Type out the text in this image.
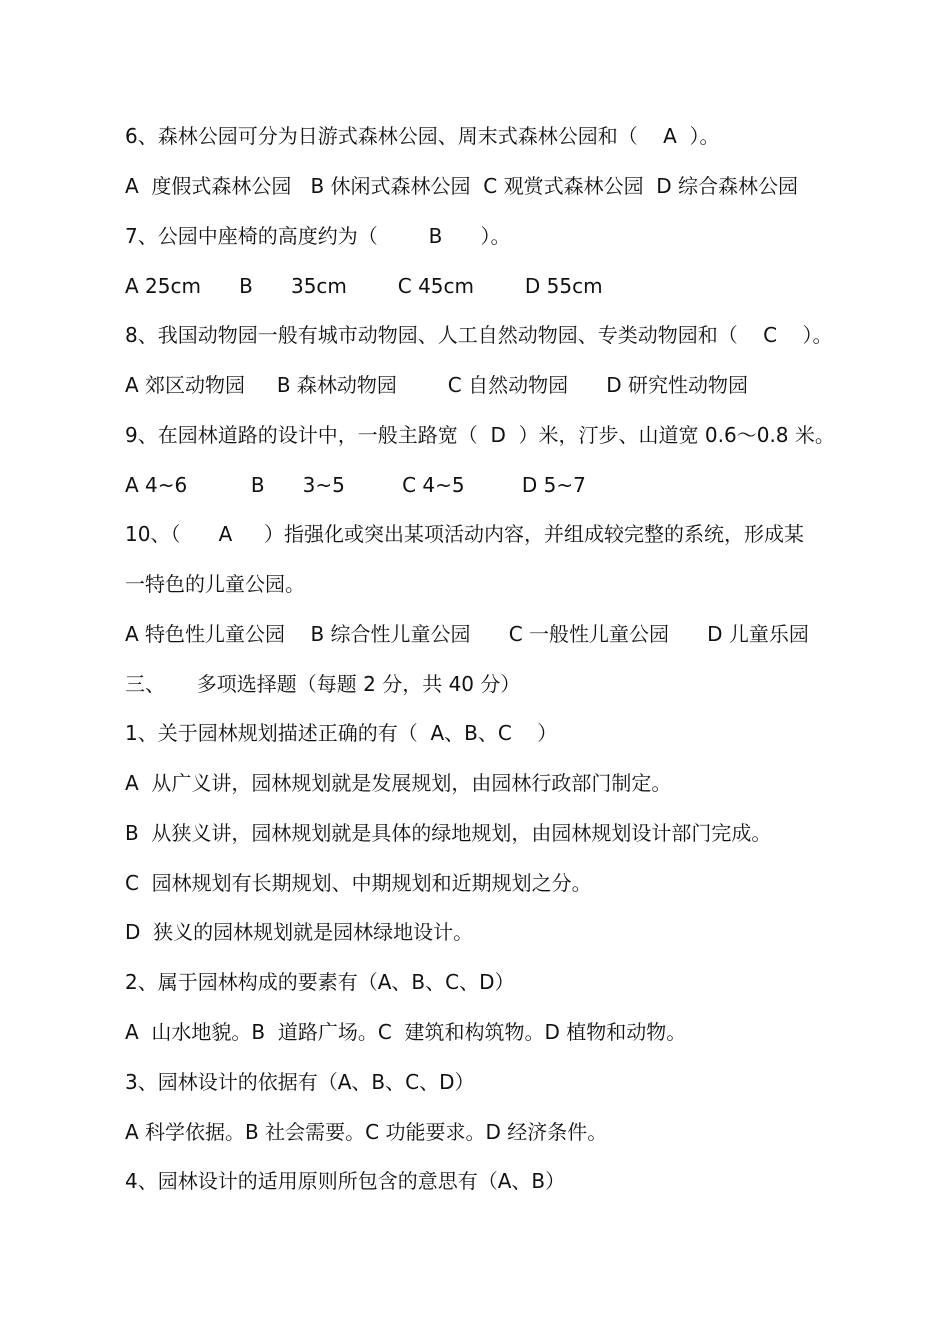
6、森林公园可分为日游式森林公园、周末式森林公园和（    A  ）。
A  度假式森林公园   B 休闲式森林公园  C 观赏式森林公园  D 综合森林公园
7、公园中座椅的高度约为（        B      ）。
A 25cm      B      35cm        C 45cm        D 55cm
8、我国动物园一般有城市动物园、人工自然动物园、专类动物园和（    C    ）。
A 郊区动物园     B 森林动物园        C 自然动物园      D 研究性动物园
9、在园林道路的设计中，一般主路宽（  D  ）米，汀步、山道宽 0.6～0.8 米。
A 4~6          B      3~5         C 4~5         D 5~7
10、（      A     ）指强化或突出某项活动内容，并组成较完整的系统，形成某
一特色的儿童公园。
A 特色性儿童公园    B 综合性儿童公园      C 一般性儿童公园      D 儿童乐园
三、     多项选择题（每题 2 分，共 40 分）
1、关于园林规划描述正确的有（  A、B、C    ）
A  从广义讲，园林规划就是发展规划，由园林行政部门制定。
B  从狭义讲，园林规划就是具体的绿地规划，由园林规划设计部门完成。
C  园林规划有长期规划、中期规划和近期规划之分。
D  狭义的园林规划就是园林绿地设计。
2、属于园林构成的要素有（A、B、C、D）
A  山水地貌。B  道路广场。C  建筑和构筑物。D 植物和动物。
3、园林设计的依据有（A、B、C、D）
A 科学依据。B 社会需要。C 功能要求。D 经济条件。
4、园林设计的适用原则所包含的意思有（A、B）
